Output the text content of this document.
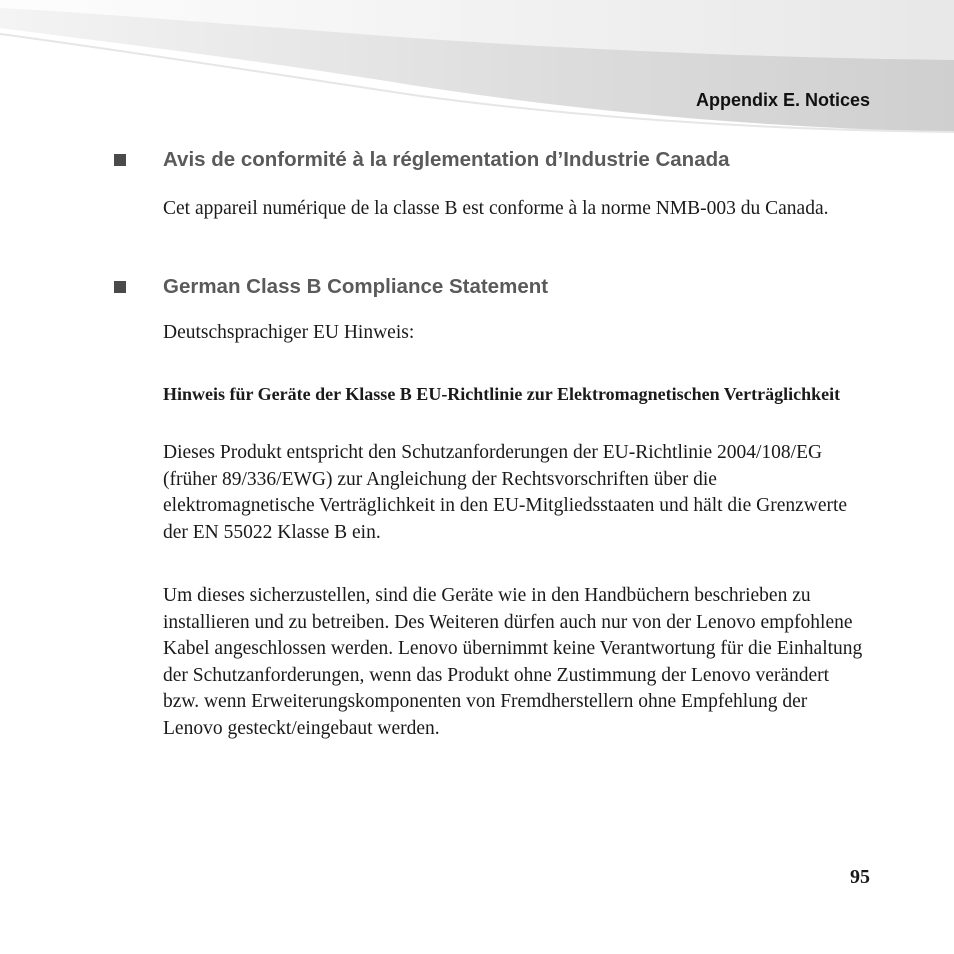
Appendix E. Notices
Avis de conformité à la réglementation d’Industrie Canada

Cet appareil numérique de la classe B est conforme à la norme NMB-003 du Canada.

German Class B Compliance Statement

Deutschsprachiger EU Hinweis:

Hinweis für Geräte der Klasse B EU-Richtlinie zur Elektromagnetischen Verträglichkeit

Dieses Produkt entspricht den Schutzanforderungen der EU-Richtlinie 2004/108/EG (früher 89/336/EWG) zur Angleichung der Rechtsvorschriften über die elektromagnetische Verträglichkeit in den EU-Mitgliedsstaaten und hält die Grenzwerte der EN 55022 Klasse B ein.

Um dieses sicherzustellen, sind die Geräte wie in den Handbüchern beschrieben zu installieren und zu betreiben. Des Weiteren dürfen auch nur von der Lenovo empfohlene Kabel angeschlossen werden. Lenovo übernimmt keine Verantwortung für die Einhaltung der Schutzanforderungen, wenn das Produkt ohne Zustimmung der Lenovo verändert bzw. wenn Erweiterungskomponenten von Fremdherstellern ohne Empfehlung der Lenovo gesteckt/eingebaut werden.

95
